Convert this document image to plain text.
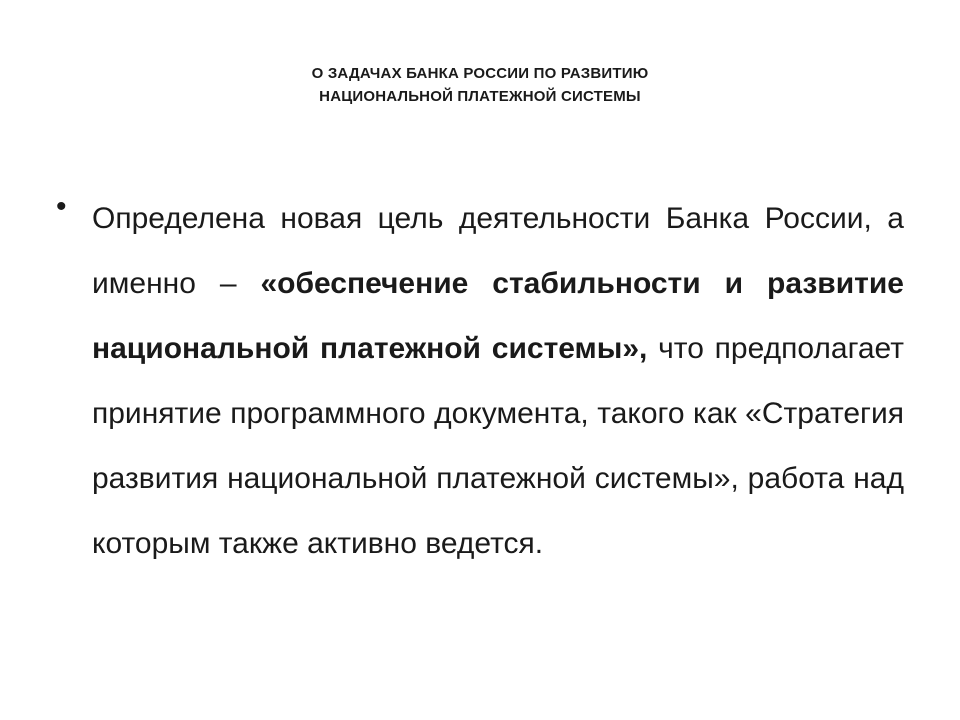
О ЗАДАЧАХ БАНКА РОССИИ ПО РАЗВИТИЮ
НАЦИОНАЛЬНОЙ ПЛАТЕЖНОЙ СИСТЕМЫ
• Определена новая цель деятельности Банка России, а именно – «обеспечение стабильности и развитие национальной платежной системы», что предполагает принятие программного документа, такого как «Стратегия развития национальной платежной системы», работа над которым также активно ведется.
